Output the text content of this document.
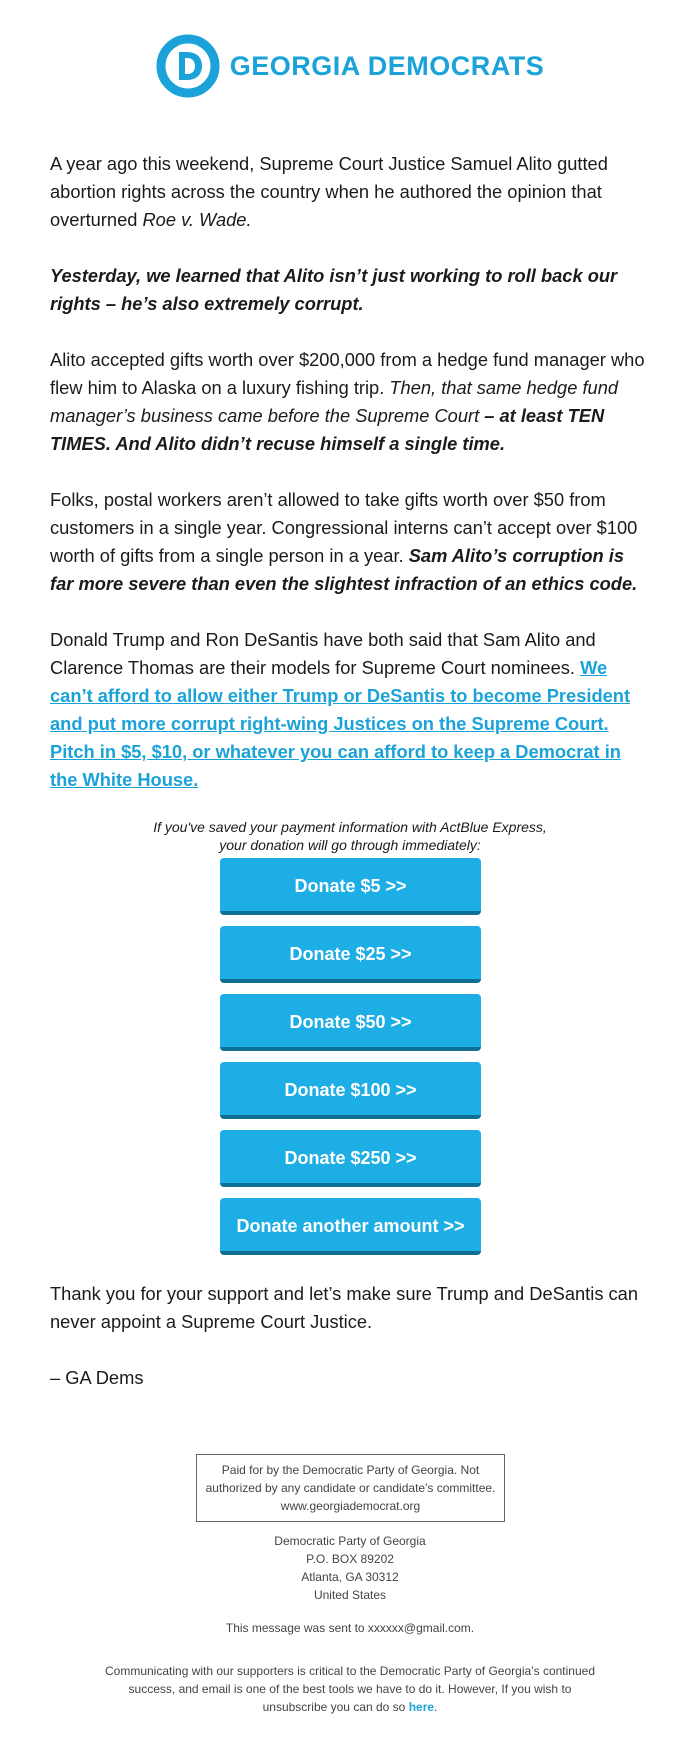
GEORGIA DEMOCRATS

A year ago this weekend, Supreme Court Justice Samuel Alito gutted abortion rights across the country when he authored the opinion that overturned Roe v. Wade.

Yesterday, we learned that Alito isn’t just working to roll back our rights – he’s also extremely corrupt.

Alito accepted gifts worth over $200,000 from a hedge fund manager who flew him to Alaska on a luxury fishing trip. Then, that same hedge fund manager’s business came before the Supreme Court – at least TEN TIMES. And Alito didn’t recuse himself a single time.

Folks, postal workers aren’t allowed to take gifts worth over $50 from customers in a single year. Congressional interns can’t accept over $100 worth of gifts from a single person in a year. Sam Alito’s corruption is far more severe than even the slightest infraction of an ethics code.

Donald Trump and Ron DeSantis have both said that Sam Alito and Clarence Thomas are their models for Supreme Court nominees. We can’t afford to allow either Trump or DeSantis to become President and put more corrupt right-wing Justices on the Supreme Court. Pitch in $5, $10, or whatever you can afford to keep a Democrat in the White House.

If you've saved your payment information with ActBlue Express,
your donation will go through immediately:
Donate $5 >>
Donate $25 >>
Donate $50 >>
Donate $100 >>
Donate $250 >>
Donate another amount >>

Thank you for your support and let’s make sure Trump and DeSantis can never appoint a Supreme Court Justice.

– GA Dems

Paid for by the Democratic Party of Georgia. Not
authorized by any candidate or candidate's committee.
www.georgiademocrat.org
Democratic Party of Georgia
P.O. BOX 89202
Atlanta, GA 30312
United States
This message was sent to xxxxxx@gmail.com.
Communicating with our supporters is critical to the Democratic Party of Georgia’s continued
success, and email is one of the best tools we have to do it. However, If you wish to
unsubscribe you can do so here.
